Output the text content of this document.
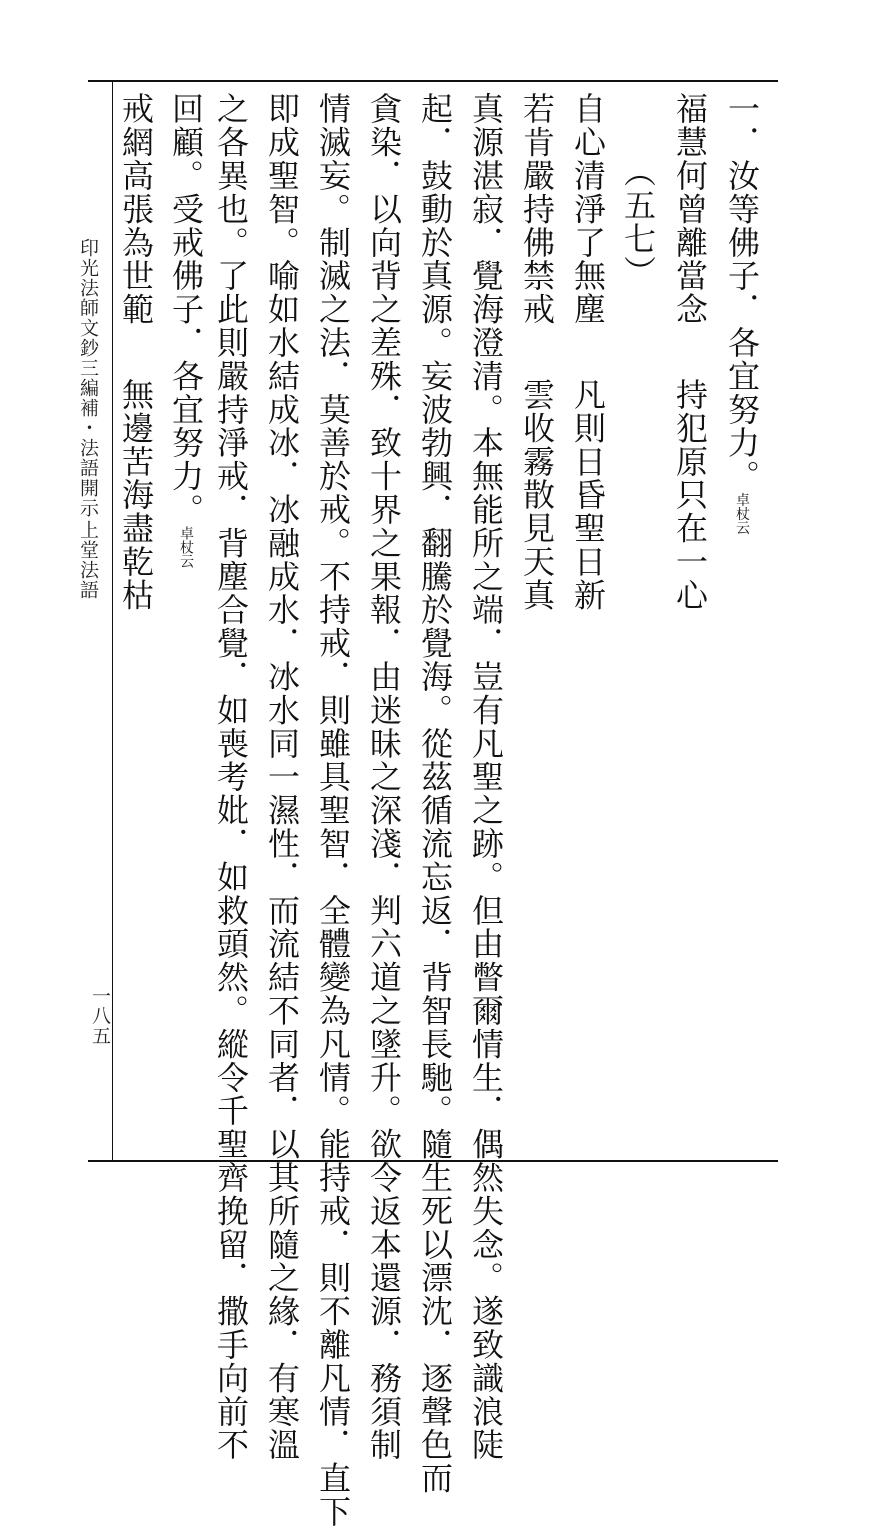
印光法師文鈔三編補・法語開示
上堂法語
一八五
一．汝等佛子．各宜努力。卓杖云
福慧何曾離當念持犯原只在一心
（五七）
自心清淨了無塵凡則日昏聖日新
若肯嚴持佛禁戒雲收霧散見天真
真源湛寂．覺海澄清。本無能所之端．豈有凡聖之跡。但由瞥爾情生．偶然失念。遂致識浪陡
起．鼓動於真源。妄波勃興．翻騰於覺海。從茲循流忘返．背智長馳。隨生死以漂沈．逐聲色而
貪染．以向背之差殊．致十界之果報．由迷昧之深淺．判六道之墜升。欲令返本還源．務須制
情滅妄。制滅之法．莫善於戒。不持戒．則雖具聖智．全體變為凡情。能持戒．則不離凡情．直下
即成聖智。喻如水結成冰．冰融成水．冰水同一濕性．而流結不同者．以其所隨之緣．有寒溫
之各異也。了此則嚴持淨戒．背塵合覺．如喪考妣．如救頭然。縱令千聖齊挽留．撒手向前不
回顧。受戒佛子．各宜努力。卓杖云
戒網高張為世範無邊苦海盡乾枯
